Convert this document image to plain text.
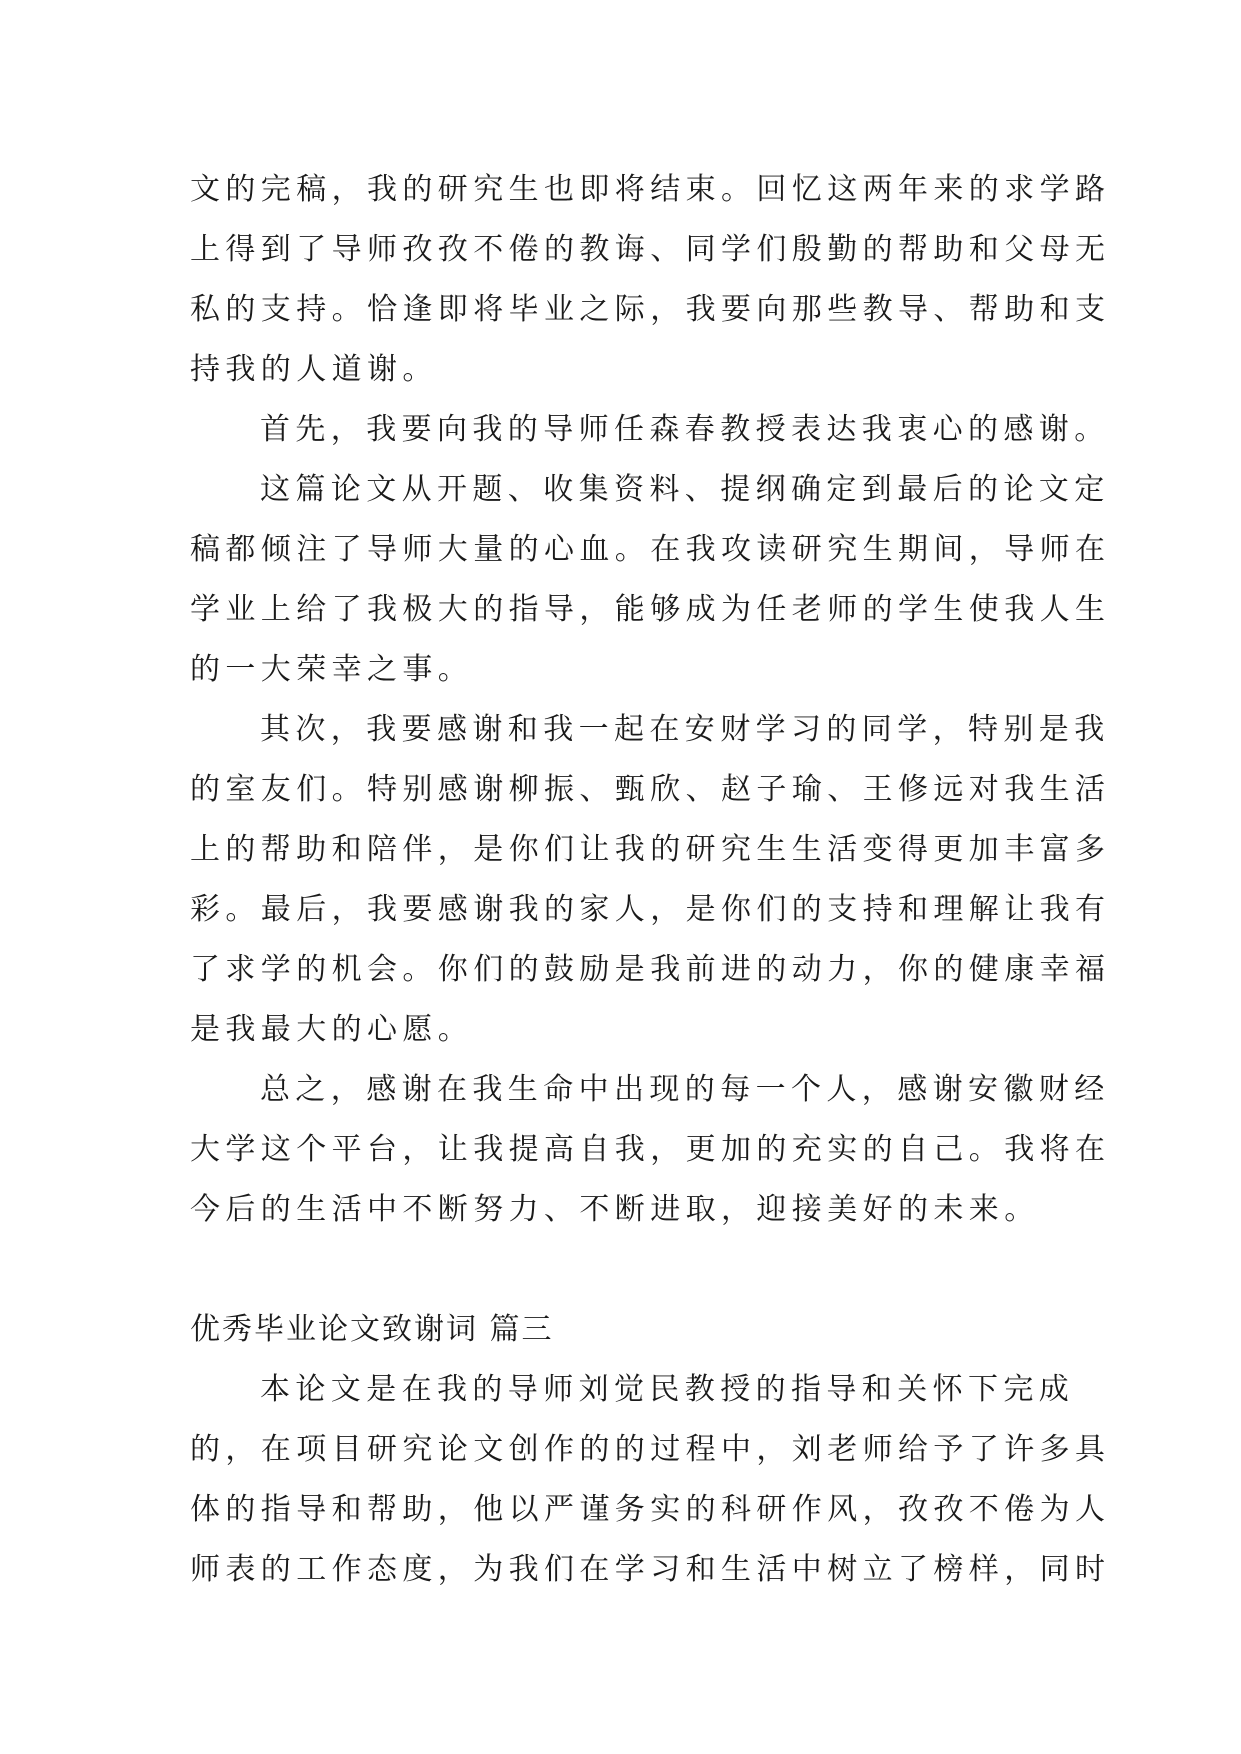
文的完稿，我的研究生也即将结束。回忆这两年来的求学路
上得到了导师孜孜不倦的教诲、同学们殷勤的帮助和父母无
私的支持。恰逢即将毕业之际，我要向那些教导、帮助和支
持我的人道谢。
首先，我要向我的导师任森春教授表达我衷心的感谢。
这篇论文从开题、收集资料、提纲确定到最后的论文定
稿都倾注了导师大量的心血。在我攻读研究生期间，导师在
学业上给了我极大的指导，能够成为任老师的学生使我人生
的一大荣幸之事。
其次，我要感谢和我一起在安财学习的同学，特别是我
的室友们。特别感谢柳振、甄欣、赵子瑜、王修远对我生活
上的帮助和陪伴，是你们让我的研究生生活变得更加丰富多
彩。最后，我要感谢我的家人，是你们的支持和理解让我有
了求学的机会。你们的鼓励是我前进的动力，你的健康幸福
是我最大的心愿。
总之，感谢在我生命中出现的每一个人，感谢安徽财经
大学这个平台，让我提高自我，更加的充实的自己。我将在
今后的生活中不断努力、不断进取，迎接美好的未来。
优秀毕业论文致谢词 篇三
本论文是在我的导师刘觉民教授的指导和关怀下完成
的，在项目研究论文创作的的过程中，刘老师给予了许多具
体的指导和帮助，他以严谨务实的科研作风，孜孜不倦为人
师表的工作态度，为我们在学习和生活中树立了榜样，同时
